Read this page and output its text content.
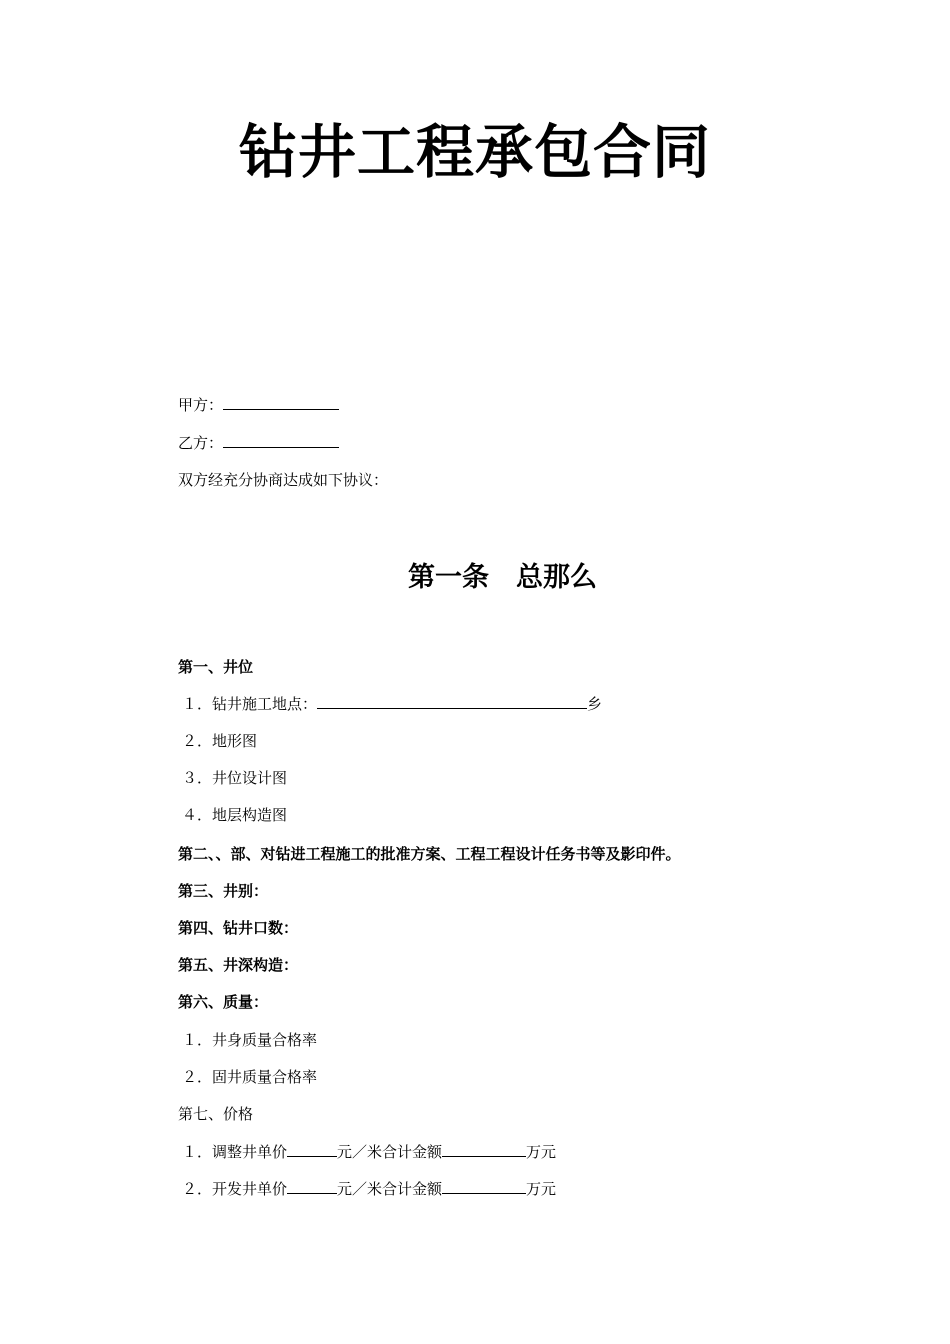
钻井工程承包合同
甲方：
乙方：
双方经充分协商达成如下协议：
第一条　总那么
第一、井位
１．钻井施工地点：	乡
２．地形图
３．井位设计图
４．地层构造图
第二、、部、对钻进工程施工的批准方案、工程工程设计任务书等及影印件。
第三、井别：
第四、钻井口数：
第五、井深构造：
第六、质量：
１．井身质量合格率
２．固井质量合格率
第七、价格
１．调整井单价	元／米合计金额	万元
２．开发井单价	元／米合计金额	万元
